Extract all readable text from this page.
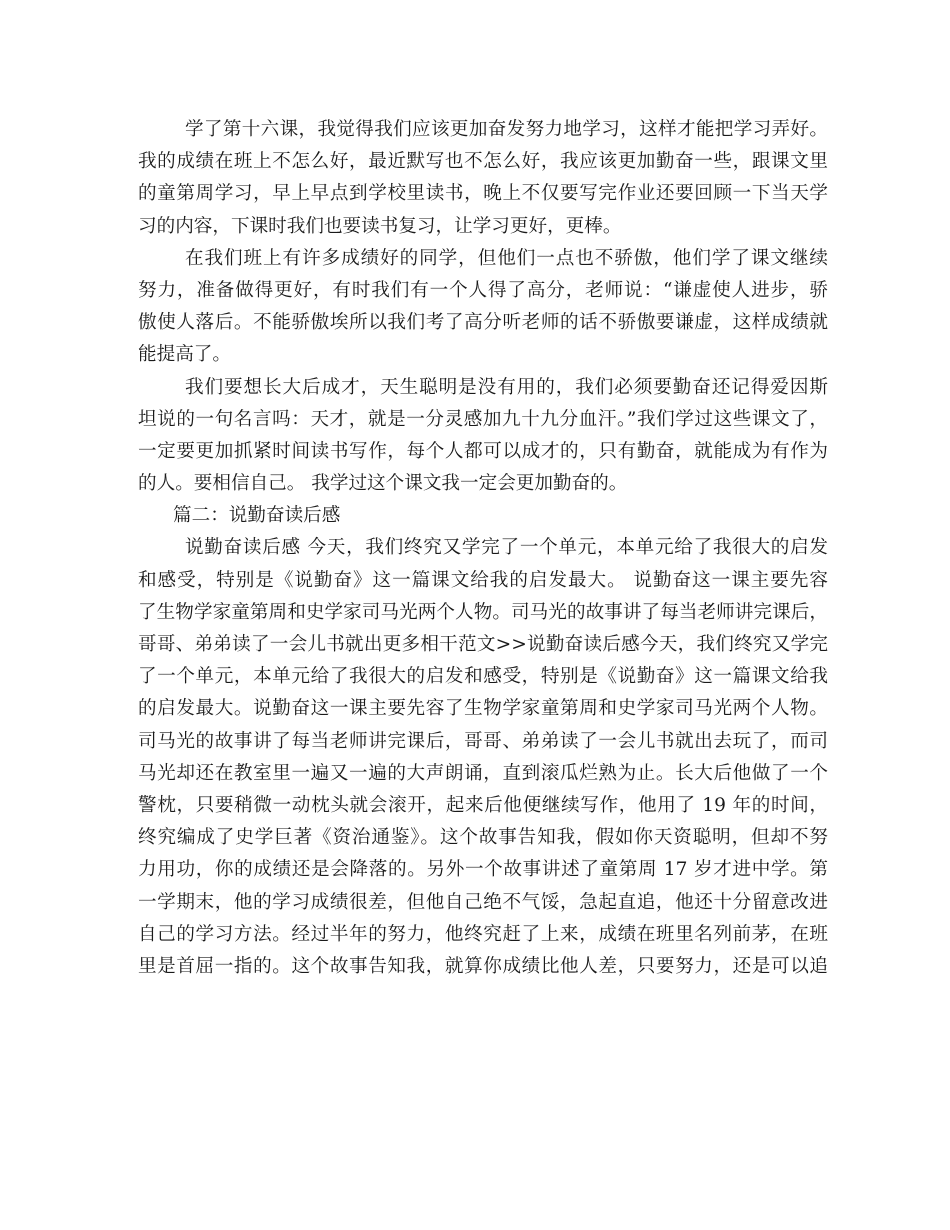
学了第十六课，我觉得我们应该更加奋发努力地学习，这样才能把学习弄好。
我的成绩在班上不怎么好，最近默写也不怎么好，我应该更加勤奋一些，跟课文里
的童第周学习，早上早点到学校里读书，晚上不仅要写完作业还要回顾一下当天学
习的内容，下课时我们也要读书复习，让学习更好，更棒。
在我们班上有许多成绩好的同学，但他们一点也不骄傲，他们学了课文继续
努力，准备做得更好，有时我们有一个人得了高分，老师说：“谦虚使人进步，骄
傲使人落后。不能骄傲埃所以我们考了高分听老师的话不骄傲要谦虚，这样成绩就
能提高了。
我们要想长大后成才，天生聪明是没有用的，我们必须要勤奋还记得爱因斯
坦说的一句名言吗：天才，就是一分灵感加九十九分血汗。”我们学过这些课文了，
一定要更加抓紧时间读书写作，每个人都可以成才的，只有勤奋，就能成为有作为
的人。要相信自己。 我学过这个课文我一定会更加勤奋的。
篇二：说勤奋读后感
说勤奋读后感 今天，我们终究又学完了一个单元，本单元给了我很大的启发
和感受，特别是《说勤奋》这一篇课文给我的启发最大。 说勤奋这一课主要先容
了生物学家童第周和史学家司马光两个人物。司马光的故事讲了每当老师讲完课后，
哥哥、弟弟读了一会儿书就出更多相干范文>>说勤奋读后感今天，我们终究又学完
了一个单元，本单元给了我很大的启发和感受，特别是《说勤奋》这一篇课文给我
的启发最大。说勤奋这一课主要先容了生物学家童第周和史学家司马光两个人物。
司马光的故事讲了每当老师讲完课后，哥哥、弟弟读了一会儿书就出去玩了，而司
马光却还在教室里一遍又一遍的大声朗诵，直到滚瓜烂熟为止。长大后他做了一个
警枕，只要稍微一动枕头就会滚开，起来后他便继续写作，他用了 19 年的时间，
终究编成了史学巨著《资治通鉴》。这个故事告知我，假如你天资聪明，但却不努
力用功，你的成绩还是会降落的。另外一个故事讲述了童第周 17 岁才进中学。第
一学期末，他的学习成绩很差，但他自己绝不气馁，急起直追，他还十分留意改进
自己的学习方法。经过半年的努力，他终究赶了上来，成绩在班里名列前茅，在班
里是首屈一指的。这个故事告知我，就算你成绩比他人差，只要努力，还是可以追
